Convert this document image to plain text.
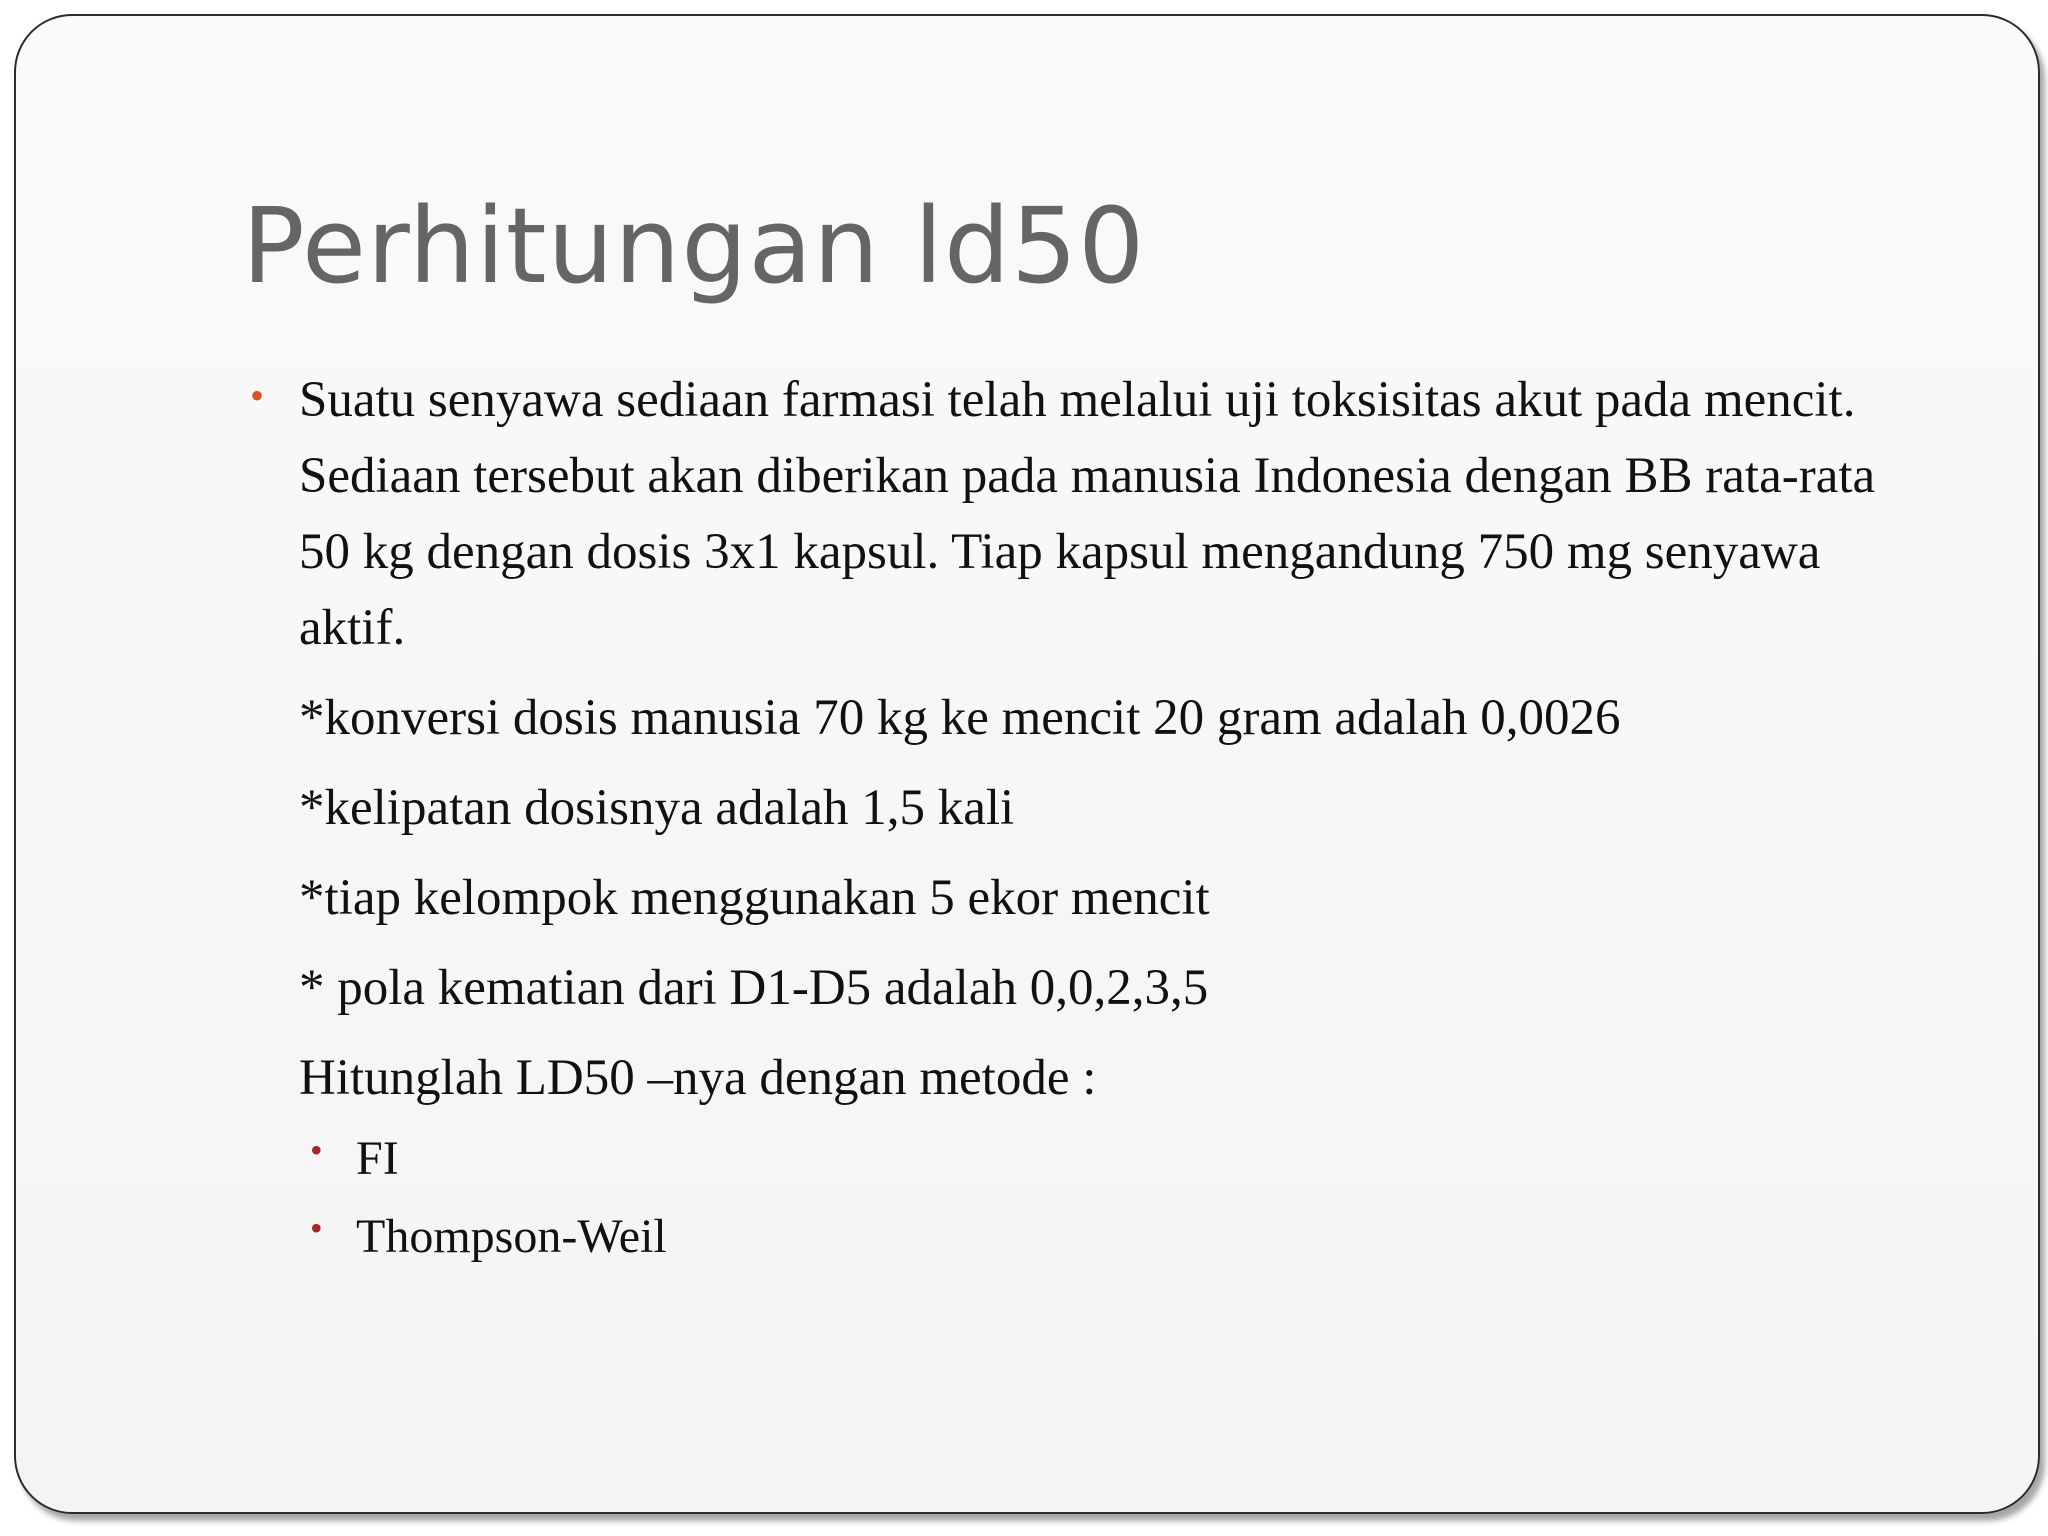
Perhitungan ld50
• Suatu senyawa sediaan farmasi telah melalui uji toksisitas akut pada mencit. Sediaan tersebut akan diberikan pada manusia Indonesia dengan BB rata-rata 50 kg dengan dosis 3x1 kapsul. Tiap kapsul mengandung 750 mg senyawa aktif.
*konversi dosis manusia 70 kg ke mencit 20 gram adalah 0,0026
*kelipatan dosisnya adalah 1,5 kali
*tiap kelompok menggunakan 5 ekor mencit
* pola kematian dari D1-D5 adalah 0,0,2,3,5
Hitunglah LD50 –nya dengan metode :
• FI
• Thompson-Weil
